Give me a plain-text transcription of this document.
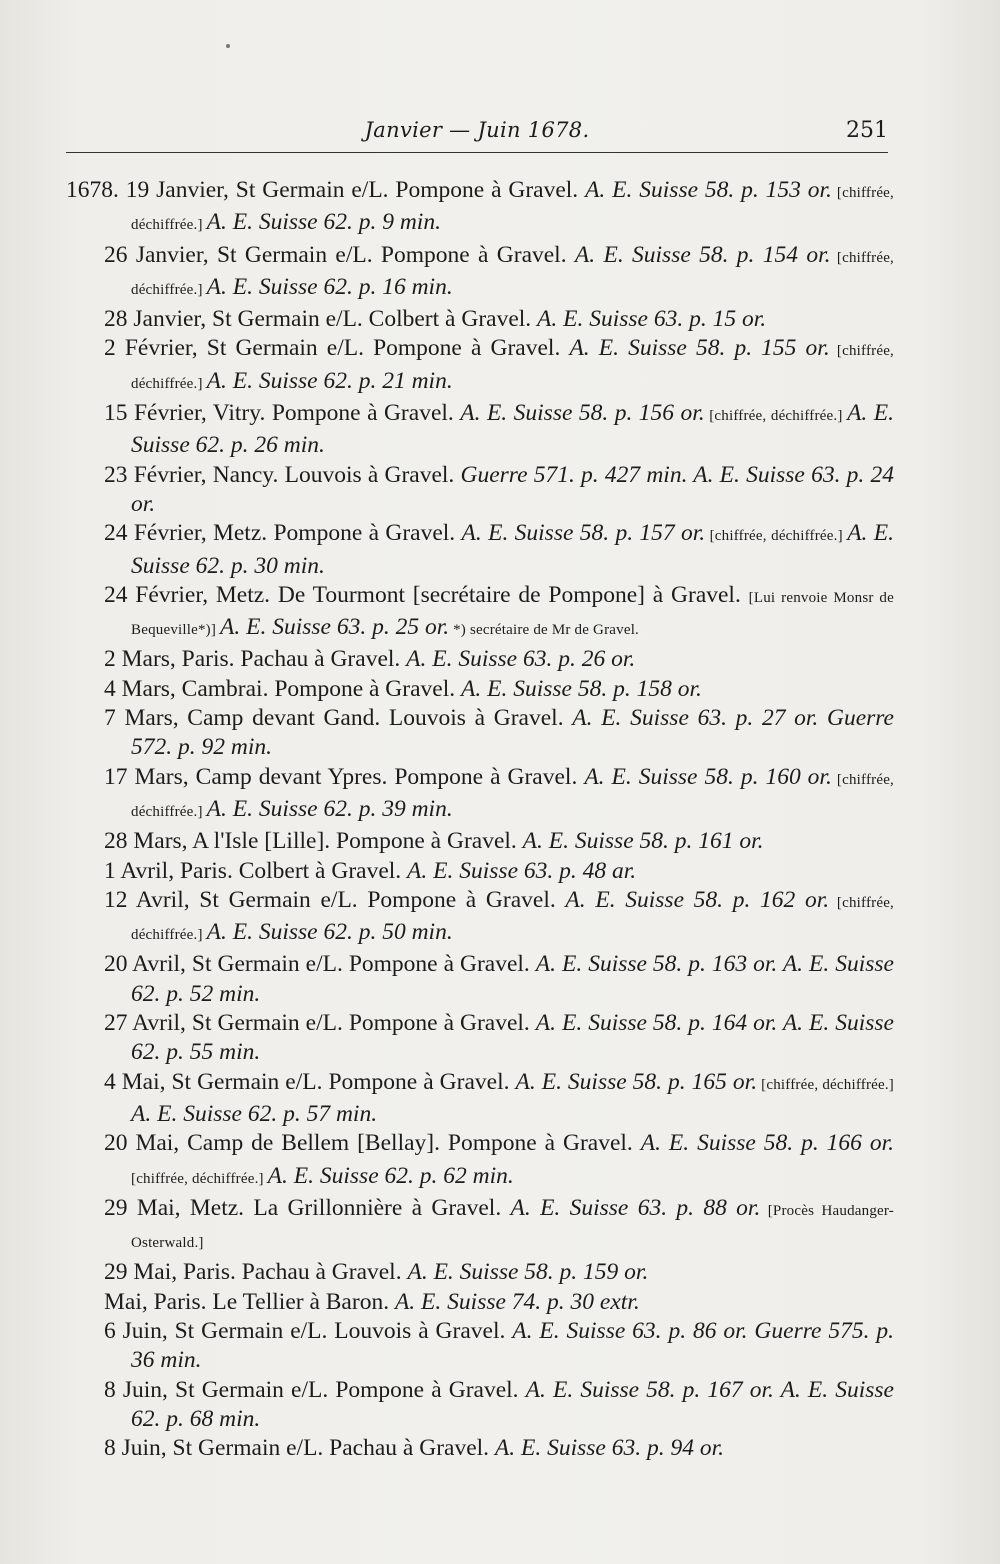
Janvier — Juin 1678.	251
1678. 19 Janvier, St Germain e/L. Pompone à Gravel. A. E. Suisse 58. p. 153 or. [chiffrée, déchiffrée.] A. E. Suisse 62. p. 9 min.
26 Janvier, St Germain e/L. Pompone à Gravel. A. E. Suisse 58. p. 154 or. [chiffrée, déchiffrée.] A. E. Suisse 62. p. 16 min.
28 Janvier, St Germain e/L. Colbert à Gravel. A. E. Suisse 63. p. 15 or.
2 Février, St Germain e/L. Pompone à Gravel. A. E. Suisse 58. p. 155 or. [chiffrée, déchiffrée.] A. E. Suisse 62. p. 21 min.
15 Février, Vitry. Pompone à Gravel. A. E. Suisse 58. p. 156 or. [chiffrée, déchiffrée.] A. E. Suisse 62. p. 26 min.
23 Février, Nancy. Louvois à Gravel. Guerre 571. p. 427 min. A. E. Suisse 63. p. 24 or.
24 Février, Metz. Pompone à Gravel. A. E. Suisse 58. p. 157 or. [chiffrée, déchiffrée.] A. E. Suisse 62. p. 30 min.
24 Février, Metz. De Tourmont [secrétaire de Pompone] à Gravel. [Lui renvoie Monsr de Bequeville*)] A. E. Suisse 63. p. 25 or. *) secrétaire de Mr de Gravel.
2 Mars, Paris. Pachau à Gravel. A. E. Suisse 63. p. 26 or.
4 Mars, Cambrai. Pompone à Gravel. A. E. Suisse 58. p. 158 or.
7 Mars, Camp devant Gand. Louvois à Gravel. A. E. Suisse 63. p. 27 or. Guerre 572. p. 92 min.
17 Mars, Camp devant Ypres. Pompone à Gravel. A. E. Suisse 58. p. 160 or. [chiffrée, déchiffrée.] A. E. Suisse 62. p. 39 min.
28 Mars, A l'Isle [Lille]. Pompone à Gravel. A. E. Suisse 58. p. 161 or.
1 Avril, Paris. Colbert à Gravel. A. E. Suisse 63. p. 48 ar.
12 Avril, St Germain e/L. Pompone à Gravel. A. E. Suisse 58. p. 162 or. [chiffrée, déchiffrée.] A. E. Suisse 62. p. 50 min.
20 Avril, St Germain e/L. Pompone à Gravel. A. E. Suisse 58. p. 163 or. A. E. Suisse 62. p. 52 min.
27 Avril, St Germain e/L. Pompone à Gravel. A. E. Suisse 58. p. 164 or. A. E. Suisse 62. p. 55 min.
4 Mai, St Germain e/L. Pompone à Gravel. A. E. Suisse 58. p. 165 or. [chiffrée, déchiffrée.] A. E. Suisse 62. p. 57 min.
20 Mai, Camp de Bellem [Bellay]. Pompone à Gravel. A. E. Suisse 58. p. 166 or. [chiffrée, déchiffrée.] A. E. Suisse 62. p. 62 min.
29 Mai, Metz. La Grillonnière à Gravel. A. E. Suisse 63. p. 88 or. [Procès Haudanger-Osterwald.]
29 Mai, Paris. Pachau à Gravel. A. E. Suisse 58. p. 159 or.
Mai, Paris. Le Tellier à Baron. A. E. Suisse 74. p. 30 extr.
6 Juin, St Germain e/L. Louvois à Gravel. A. E. Suisse 63. p. 86 or. Guerre 575. p. 36 min.
8 Juin, St Germain e/L. Pompone à Gravel. A. E. Suisse 58. p. 167 or. A. E. Suisse 62. p. 68 min.
8 Juin, St Germain e/L. Pachau à Gravel. A. E. Suisse 63. p. 94 or.
